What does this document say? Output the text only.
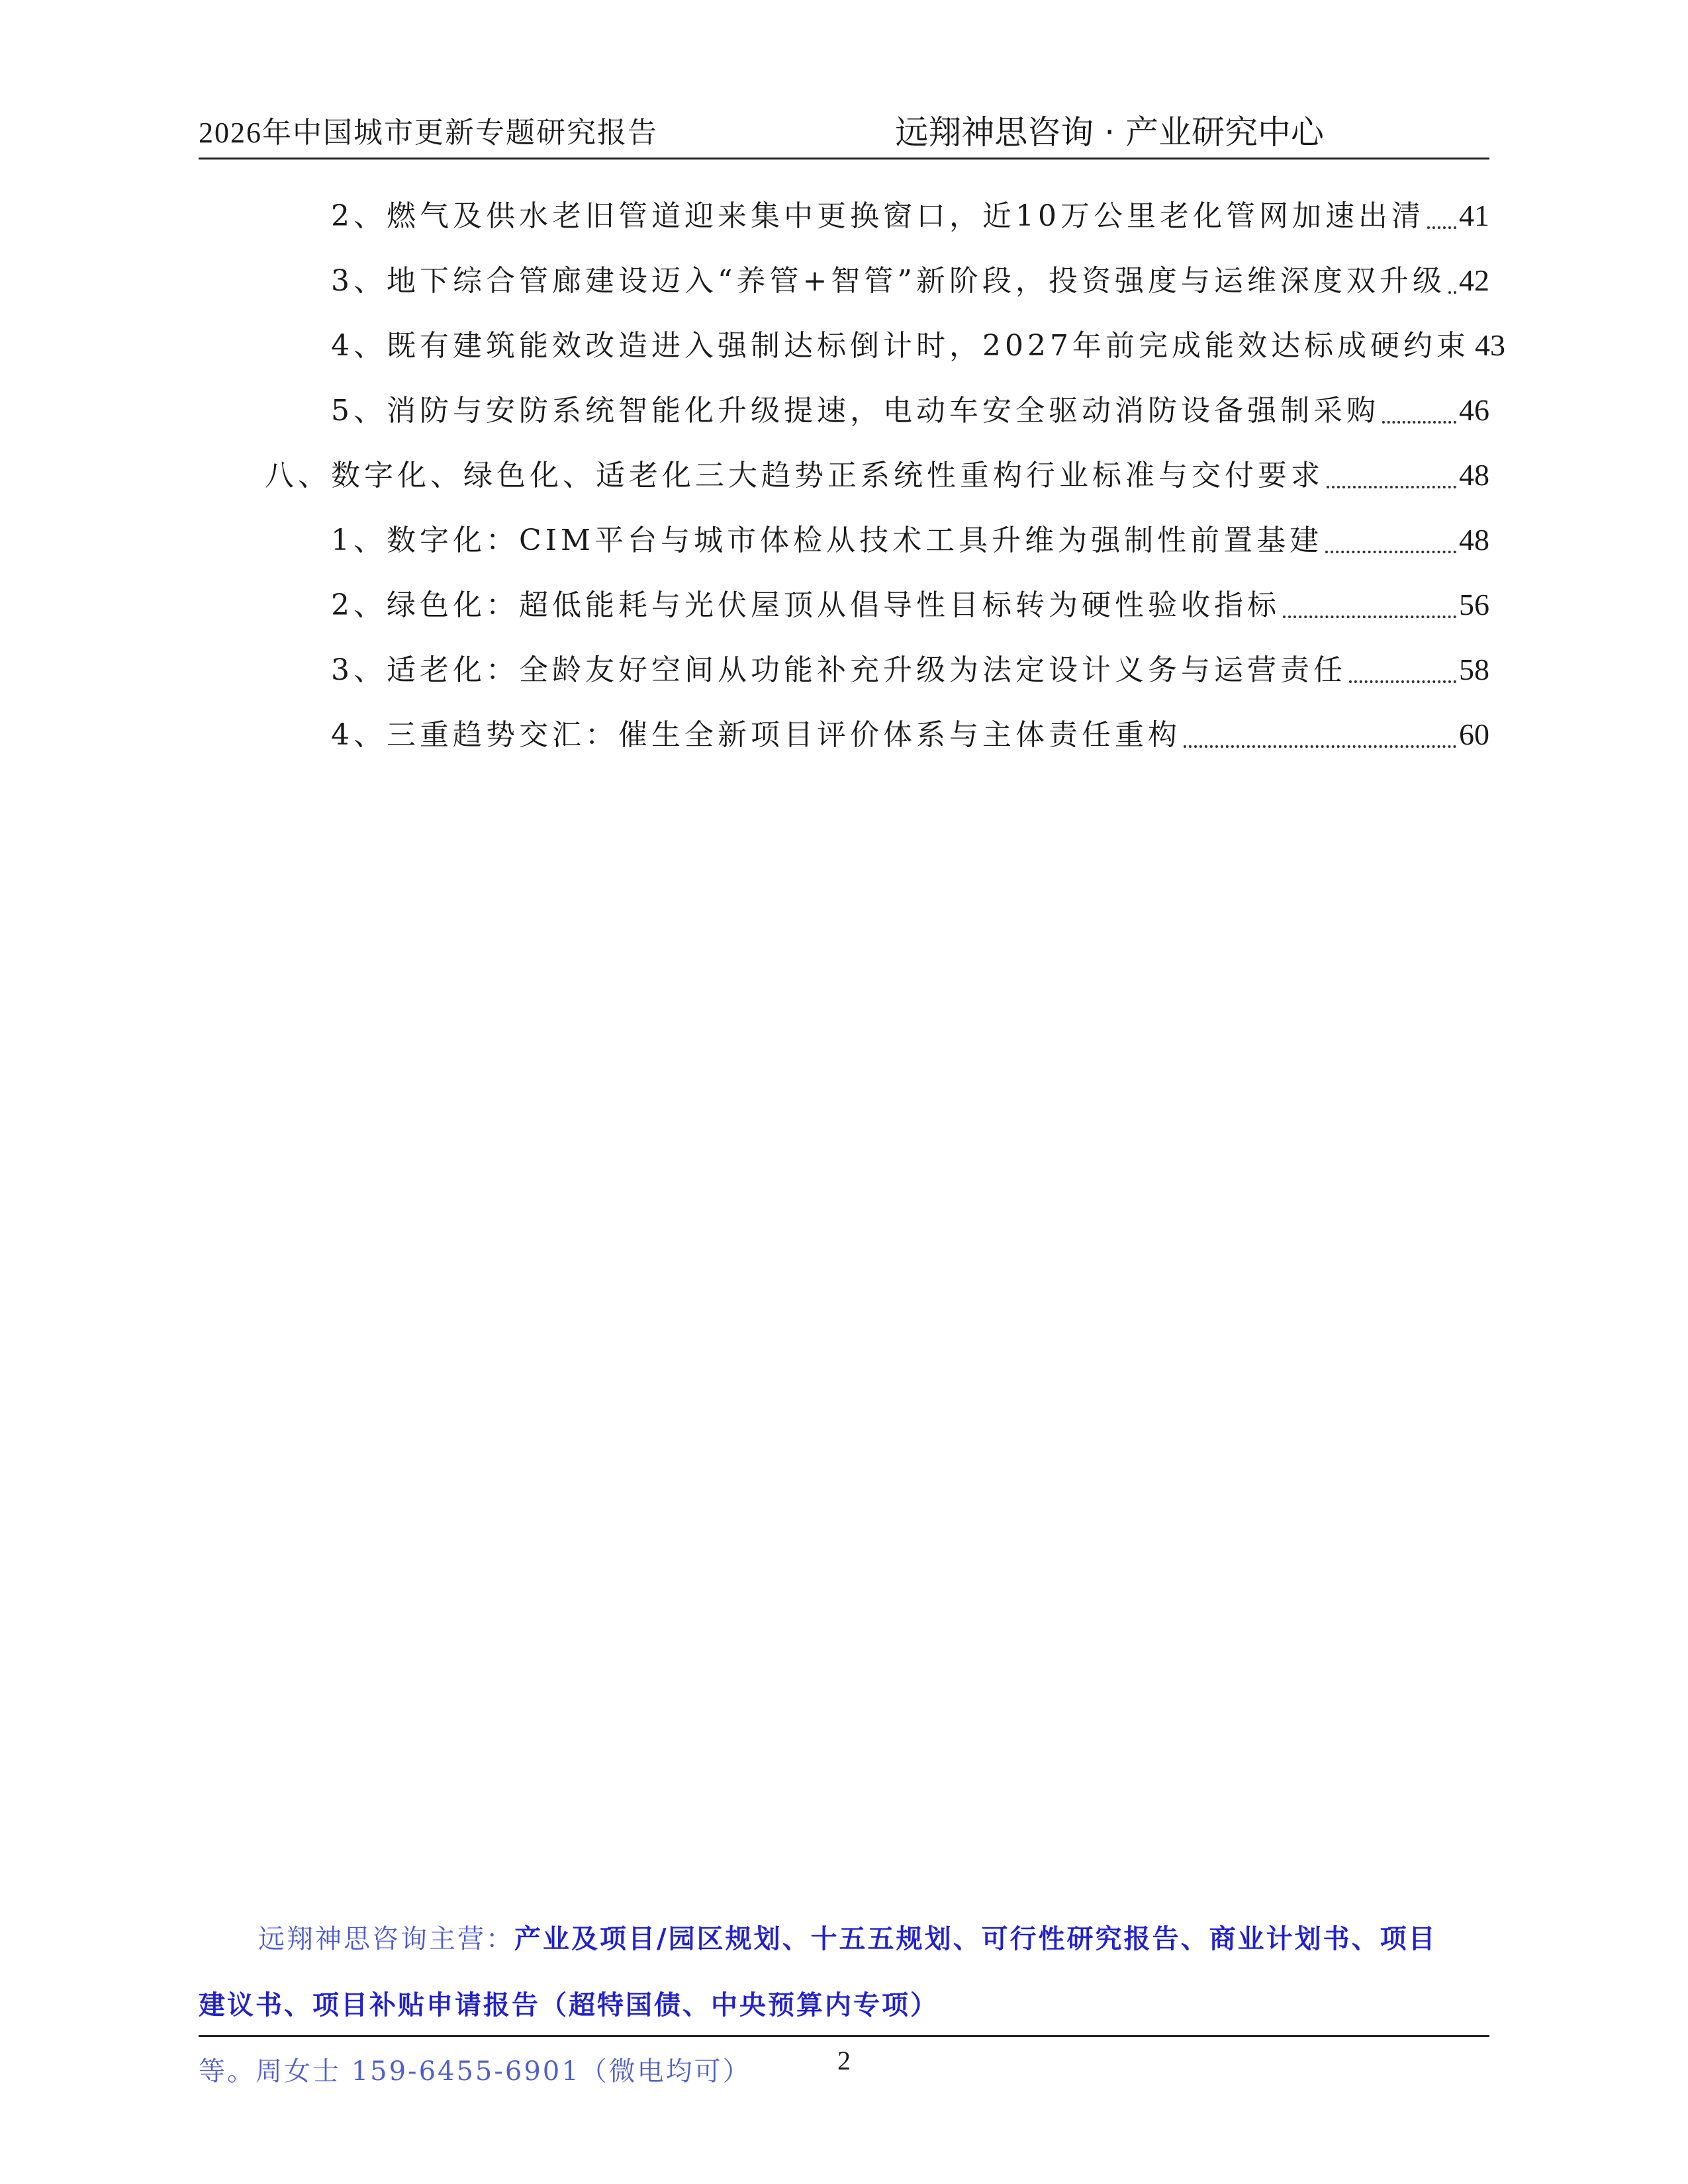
2026年中国城市更新专题研究报告	远翔神思咨询 · 产业研究中心
2、燃气及供水老旧管道迎来集中更换窗口，近10万公里老化管网加速出清 41
3、地下综合管廊建设迈入“养管+智管”新阶段，投资强度与运维深度双升级 42
4、既有建筑能效改造进入强制达标倒计时，2027年前完成能效达标成硬约束 43
5、消防与安防系统智能化升级提速，电动车安全驱动消防设备强制采购	46
八、数字化、绿色化、适老化三大趋势正系统性重构行业标准与交付要求	48
1、数字化：CIM平台与城市体检从技术工具升维为强制性前置基建	48
2、绿色化：超低能耗与光伏屋顶从倡导性目标转为硬性验收指标	56
3、适老化：全龄友好空间从功能补充升级为法定设计义务与运营责任	58
4、三重趋势交汇：催生全新项目评价体系与主体责任重构	60
远翔神思咨询主营：产业及项目/园区规划、十五五规划、可行性研究报告、商业计划书、项目
建议书、项目补贴申请报告（超特国债、中央预算内专项）等。周女士 159-6455-6901（微电均可）	2
